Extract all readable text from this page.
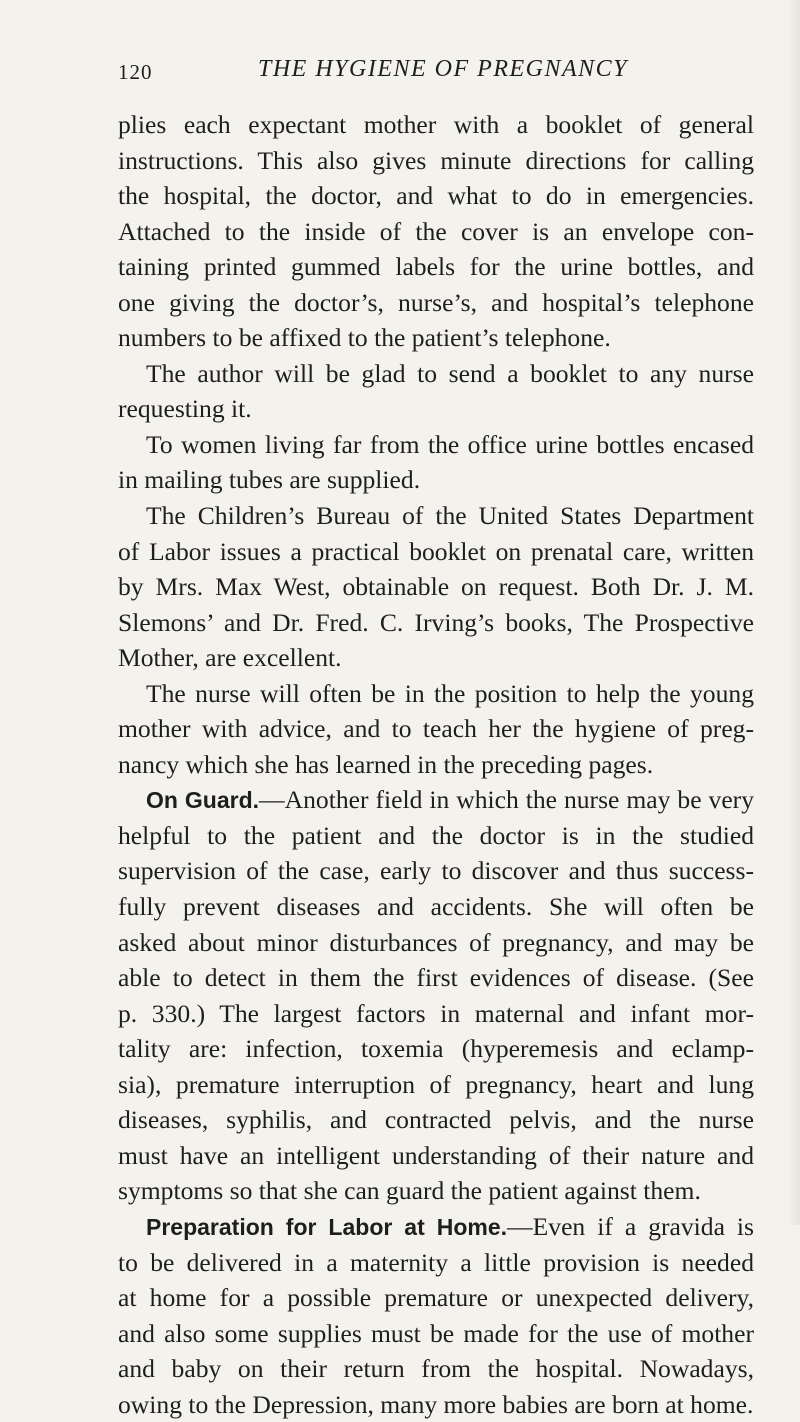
120	THE HYGIENE OF PREGNANCY
plies each expectant mother with a booklet of general
instructions. This also gives minute directions for calling
the hospital, the doctor, and what to do in emergencies.
Attached to the inside of the cover is an envelope con-
taining printed gummed labels for the urine bottles, and
one giving the doctor’s, nurse’s, and hospital’s telephone
numbers to be affixed to the patient’s telephone.
The author will be glad to send a booklet to any nurse
requesting it.
To women living far from the office urine bottles encased
in mailing tubes are supplied.
The Children’s Bureau of the United States Department
of Labor issues a practical booklet on prenatal care, written
by Mrs. Max West, obtainable on request. Both Dr. J. M.
Slemons’ and Dr. Fred. C. Irving’s books, The Prospective
Mother, are excellent.
The nurse will often be in the position to help the young
mother with advice, and to teach her the hygiene of preg-
nancy which she has learned in the preceding pages.
On Guard.—Another field in which the nurse may be very
helpful to the patient and the doctor is in the studied
supervision of the case, early to discover and thus success-
fully prevent diseases and accidents. She will often be
asked about minor disturbances of pregnancy, and may be
able to detect in them the first evidences of disease. (See
p. 330.) The largest factors in maternal and infant mor-
tality are: infection, toxemia (hyperemesis and eclamp-
sia), premature interruption of pregnancy, heart and lung
diseases, syphilis, and contracted pelvis, and the nurse
must have an intelligent understanding of their nature and
symptoms so that she can guard the patient against them.
Preparation for Labor at Home.—Even if a gravida is
to be delivered in a maternity a little provision is needed
at home for a possible premature or unexpected delivery,
and also some supplies must be made for the use of mother
and baby on their return from the hospital. Nowadays,
owing to the Depression, many more babies are born at home.
